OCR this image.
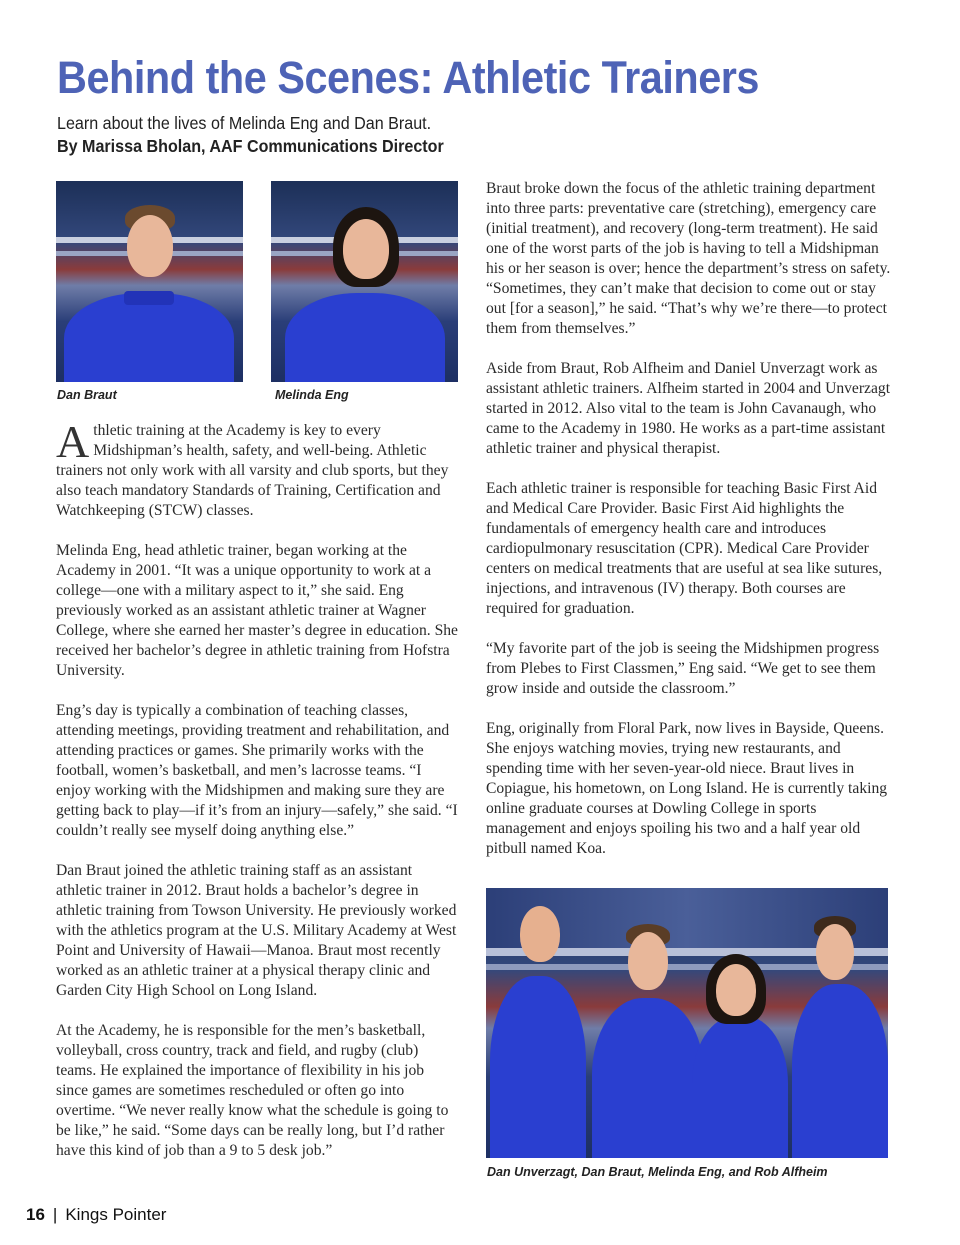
Behind the Scenes: Athletic Trainers
Learn about the lives of Melinda Eng and Dan Braut.
By Marissa Bholan, AAF Communications Director
Dan Braut	Melinda Eng

Athletic training at the Academy is key to every Midshipman’s health, safety, and well-being. Athletic trainers not only work with all varsity and club sports, but they also teach mandatory Standards of Training, Certification and Watchkeeping (STCW) classes.

Melinda Eng, head athletic trainer, began working at the Academy in 2001. “It was a unique opportunity to work at a college—one with a military aspect to it,” she said. Eng previously worked as an assistant athletic trainer at Wagner College, where she earned her master’s degree in education. She received her bachelor’s degree in athletic training from Hofstra University.

Eng’s day is typically a combination of teaching classes, attending meetings, providing treatment and rehabilitation, and attending practices or games. She primarily works with the football, women’s basketball, and men’s lacrosse teams. “I enjoy working with the Midshipmen and making sure they are getting back to play—if it’s from an injury—safely,” she said. “I couldn’t really see myself doing anything else.”

Dan Braut joined the athletic training staff as an assistant athletic trainer in 2012. Braut holds a bachelor’s degree in athletic training from Towson University. He previously worked with the athletics program at the U.S. Military Academy at West Point and University of Hawaii—Manoa. Braut most recently worked as an athletic trainer at a physical therapy clinic and Garden City High School on Long Island.

At the Academy, he is responsible for the men’s basketball, volleyball, cross country, track and field, and rugby (club) teams. He explained the importance of flexibility in his job since games are sometimes rescheduled or often go into overtime. “We never really know what the schedule is going to be like,” he said. “Some days can be really long, but I’d rather have this kind of job than a 9 to 5 desk job.”

Braut broke down the focus of the athletic training department into three parts: preventative care (stretching), emergency care (initial treatment), and recovery (long-term treatment). He said one of the worst parts of the job is having to tell a Midshipman his or her season is over; hence the department’s stress on safety. “Sometimes, they can’t make that decision to come out or stay out [for a season],” he said. “That’s why we’re there—to protect them from themselves.”

Aside from Braut, Rob Alfheim and Daniel Unverzagt work as assistant athletic trainers. Alfheim started in 2004 and Unverzagt started in 2012. Also vital to the team is John Cavanaugh, who came to the Academy in 1980. He works as a part-time assistant athletic trainer and physical therapist.

Each athletic trainer is responsible for teaching Basic First Aid and Medical Care Provider. Basic First Aid highlights the fundamentals of emergency health care and introduces cardiopulmonary resuscitation (CPR). Medical Care Provider centers on medical treatments that are useful at sea like sutures, injections, and intravenous (IV) therapy. Both courses are required for graduation.

“My favorite part of the job is seeing the Midshipmen progress from Plebes to First Classmen,” Eng said. “We get to see them grow inside and outside the classroom.”

Eng, originally from Floral Park, now lives in Bayside, Queens. She enjoys watching movies, trying new restaurants, and spending time with her seven-year-old niece. Braut lives in Copiague, his hometown, on Long Island. He is currently taking online graduate courses at Dowling College in sports management and enjoys spoiling his two and a half year old pitbull named Koa.

Dan Unverzagt, Dan Braut, Melinda Eng, and Rob Alfheim
16 | Kings Pointer
